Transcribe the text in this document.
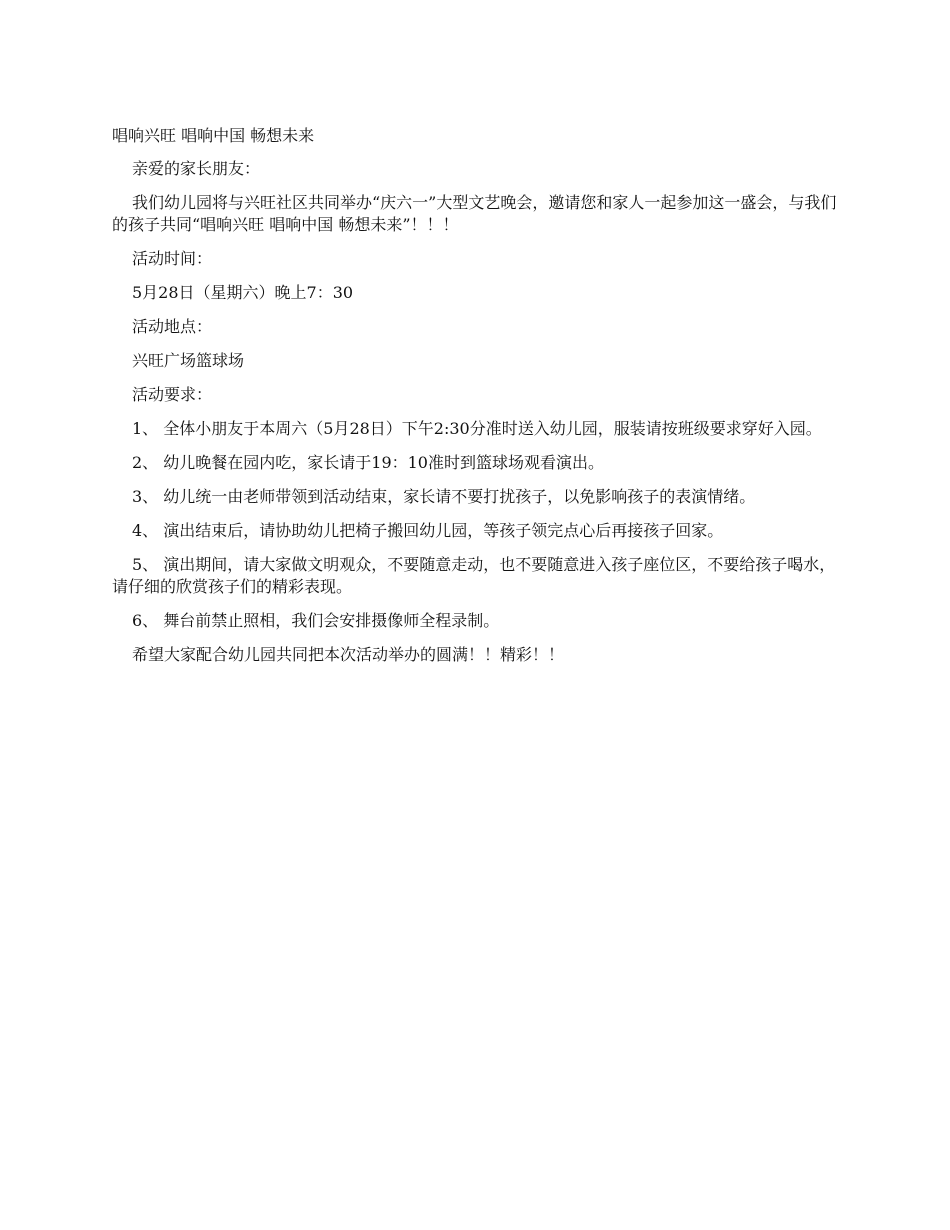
唱响兴旺 唱响中国 畅想未来

亲爱的家长朋友：

我们幼儿园将与兴旺社区共同举办“庆六一”大型文艺晚会，邀请您和家人一起参加这一盛会，与我们的孩子共同“唱响兴旺 唱响中国 畅想未来”！！！

活动时间：

5月28日（星期六）晚上7：30

活动地点：

兴旺广场篮球场

活动要求：

1、 全体小朋友于本周六（5月28日）下午2:30分准时送入幼儿园，服装请按班级要求穿好入园。

2、 幼儿晚餐在园内吃，家长请于19：10准时到篮球场观看演出。

3、 幼儿统一由老师带领到活动结束，家长请不要打扰孩子，以免影响孩子的表演情绪。

4、 演出结束后，请协助幼儿把椅子搬回幼儿园，等孩子领完点心后再接孩子回家。

5、 演出期间，请大家做文明观众，不要随意走动，也不要随意进入孩子座位区，不要给孩子喝水，请仔细的欣赏孩子们的精彩表现。

6、 舞台前禁止照相，我们会安排摄像师全程录制。

希望大家配合幼儿园共同把本次活动举办的圆满！！精彩！！
